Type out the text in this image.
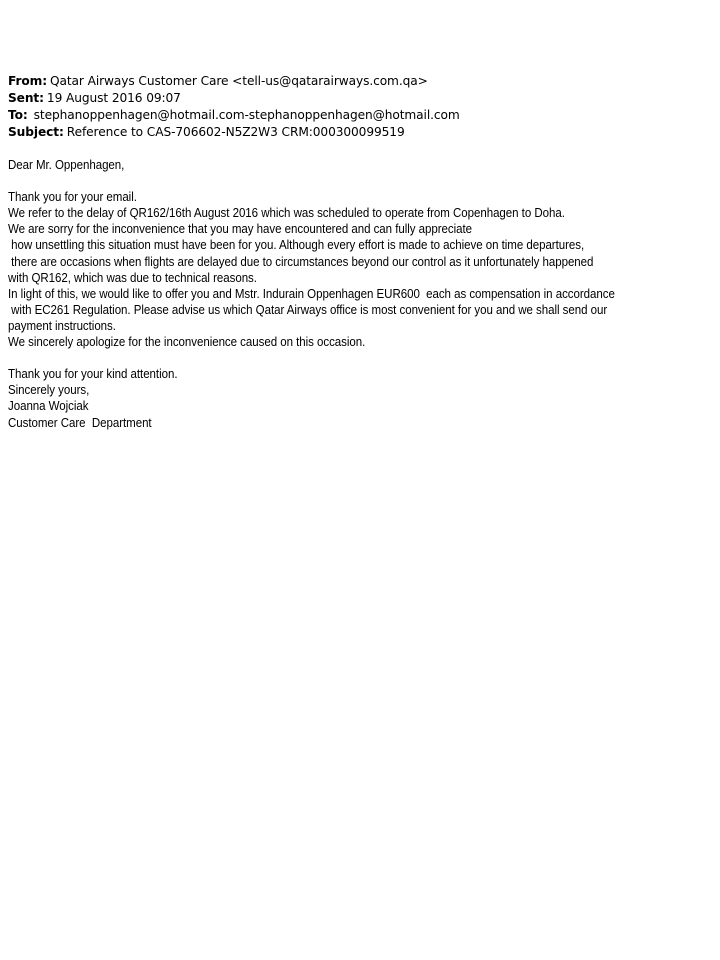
From: Qatar Airways Customer Care <tell-us@qatarairways.com.qa>
Sent: 19 August 2016 09:07
To: stephanoppenhagen@hotmail.com-stephanoppenhagen@hotmail.com
Subject: Reference to CAS-706602-N5Z2W3 CRM:000300099519
Dear Mr. Oppenhagen,

Thank you for your email.
We refer to the delay of QR162/16th August 2016 which was scheduled to operate from Copenhagen to Doha.
We are sorry for the inconvenience that you may have encountered and can fully appreciate
how unsettling this situation must have been for you. Although every effort is made to achieve on time departures,
there are occasions when flights are delayed due to circumstances beyond our control as it unfortunately happened
with QR162, which was due to technical reasons.
In light of this, we would like to offer you and Mstr. Indurain Oppenhagen EUR600  each as compensation in accordance
with EC261 Regulation. Please advise us which Qatar Airways office is most convenient for you and we shall send our
payment instructions.
We sincerely apologize for the inconvenience caused on this occasion.

Thank you for your kind attention.
Sincerely yours,
Joanna Wojciak
Customer Care  Department
